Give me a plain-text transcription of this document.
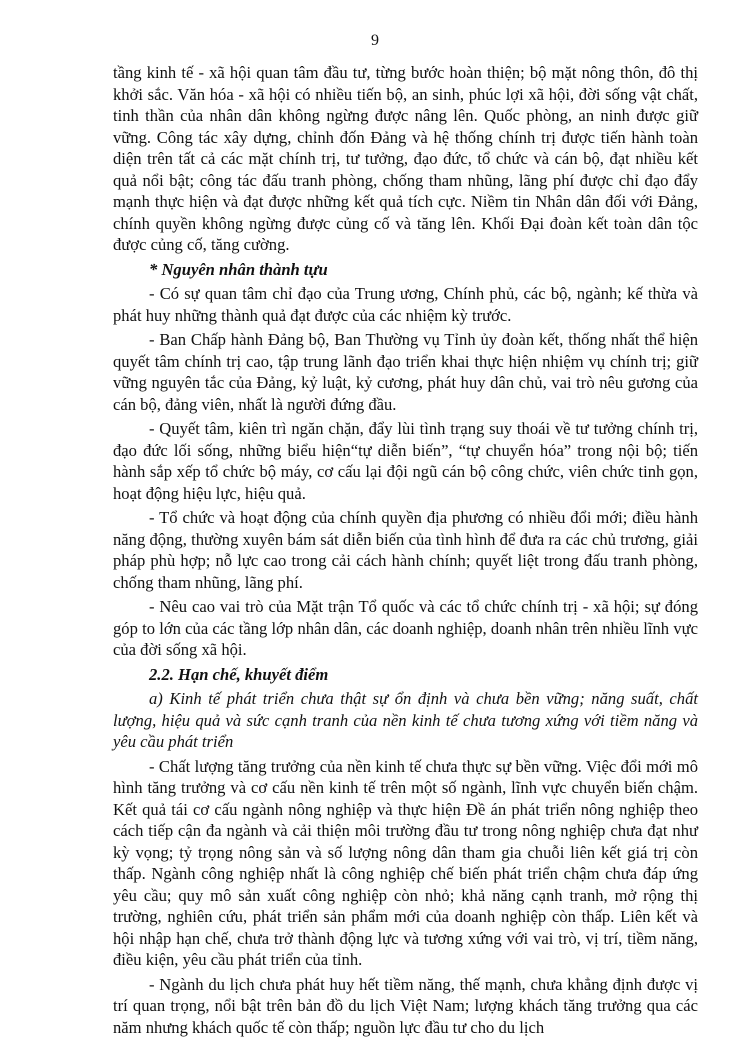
9

tầng kinh tế - xã hội quan tâm đầu tư, từng bước hoàn thiện; bộ mặt nông thôn, đô thị khởi sắc. Văn hóa - xã hội có nhiều tiến bộ, an sinh, phúc lợi xã hội, đời sống vật chất, tinh thần của nhân dân không ngừng được nâng lên. Quốc phòng, an ninh được giữ vững. Công tác xây dựng, chỉnh đốn Đảng và hệ thống chính trị được tiến hành toàn diện trên tất cả các mặt chính trị, tư tưởng, đạo đức, tổ chức và cán bộ, đạt nhiều kết quả nổi bật; công tác đấu tranh phòng, chống tham nhũng, lãng phí được chỉ đạo đẩy mạnh thực hiện và đạt được những kết quả tích cực. Niềm tin Nhân dân đối với Đảng, chính quyền không ngừng được củng cố và tăng lên. Khối Đại đoàn kết toàn dân tộc được củng cố, tăng cường.

* Nguyên nhân thành tựu

- Có sự quan tâm chỉ đạo của Trung ương, Chính phủ, các bộ, ngành; kế thừa và phát huy những thành quả đạt được của các nhiệm kỳ trước.

- Ban Chấp hành Đảng bộ, Ban Thường vụ Tỉnh ủy đoàn kết, thống nhất thể hiện quyết tâm chính trị cao, tập trung lãnh đạo triển khai thực hiện nhiệm vụ chính trị; giữ vững nguyên tắc của Đảng, kỷ luật, kỷ cương, phát huy dân chủ, vai trò nêu gương của cán bộ, đảng viên, nhất là người đứng đầu.

- Quyết tâm, kiên trì ngăn chặn, đẩy lùi tình trạng suy thoái về tư tưởng chính trị, đạo đức lối sống, những biểu hiện“tự diễn biến”, “tự chuyển hóa” trong nội bộ; tiến hành sắp xếp tổ chức bộ máy, cơ cấu lại đội ngũ cán bộ công chức, viên chức tinh gọn, hoạt động hiệu lực, hiệu quả.

- Tổ chức và hoạt động của chính quyền địa phương có nhiều đổi mới; điều hành năng động, thường xuyên bám sát diễn biến của tình hình để đưa ra các chủ trương, giải pháp phù hợp; nỗ lực cao trong cải cách hành chính; quyết liệt trong đấu tranh phòng, chống tham nhũng, lãng phí.

- Nêu cao vai trò của Mặt trận Tổ quốc và các tổ chức chính trị - xã hội; sự đóng góp to lớn của các tầng lớp nhân dân, các doanh nghiệp, doanh nhân trên nhiều lĩnh vực của đời sống xã hội.

2.2. Hạn chế, khuyết điểm

a) Kinh tế phát triển chưa thật sự ổn định và chưa bền vững; năng suất, chất lượng, hiệu quả và sức cạnh tranh của nền kinh tế chưa tương xứng với tiềm năng và yêu cầu phát triển

- Chất lượng tăng trưởng của nền kinh tế chưa thực sự bền vững. Việc đổi mới mô hình tăng trưởng và cơ cấu nền kinh tế trên một số ngành, lĩnh vực chuyển biến chậm. Kết quả tái cơ cấu ngành nông nghiệp và thực hiện Đề án phát triển nông nghiệp theo cách tiếp cận đa ngành và cải thiện môi trường đầu tư trong nông nghiệp chưa đạt như kỳ vọng; tỷ trọng nông sản và số lượng nông dân tham gia chuỗi liên kết giá trị còn thấp. Ngành công nghiệp nhất là công nghiệp chế biến phát triển chậm chưa đáp ứng yêu cầu; quy mô sản xuất công nghiệp còn nhỏ; khả năng cạnh tranh, mở rộng thị trường, nghiên cứu, phát triển sản phẩm mới của doanh nghiệp còn thấp. Liên kết và hội nhập hạn chế, chưa trở thành động lực và tương xứng với vai trò, vị trí, tiềm năng, điều kiện, yêu cầu phát triển của tỉnh.

- Ngành du lịch chưa phát huy hết tiềm năng, thế mạnh, chưa khẳng định được vị trí quan trọng, nổi bật trên bản đồ du lịch Việt Nam; lượng khách tăng trưởng qua các năm nhưng khách quốc tế còn thấp; nguồn lực đầu tư cho du lịch
